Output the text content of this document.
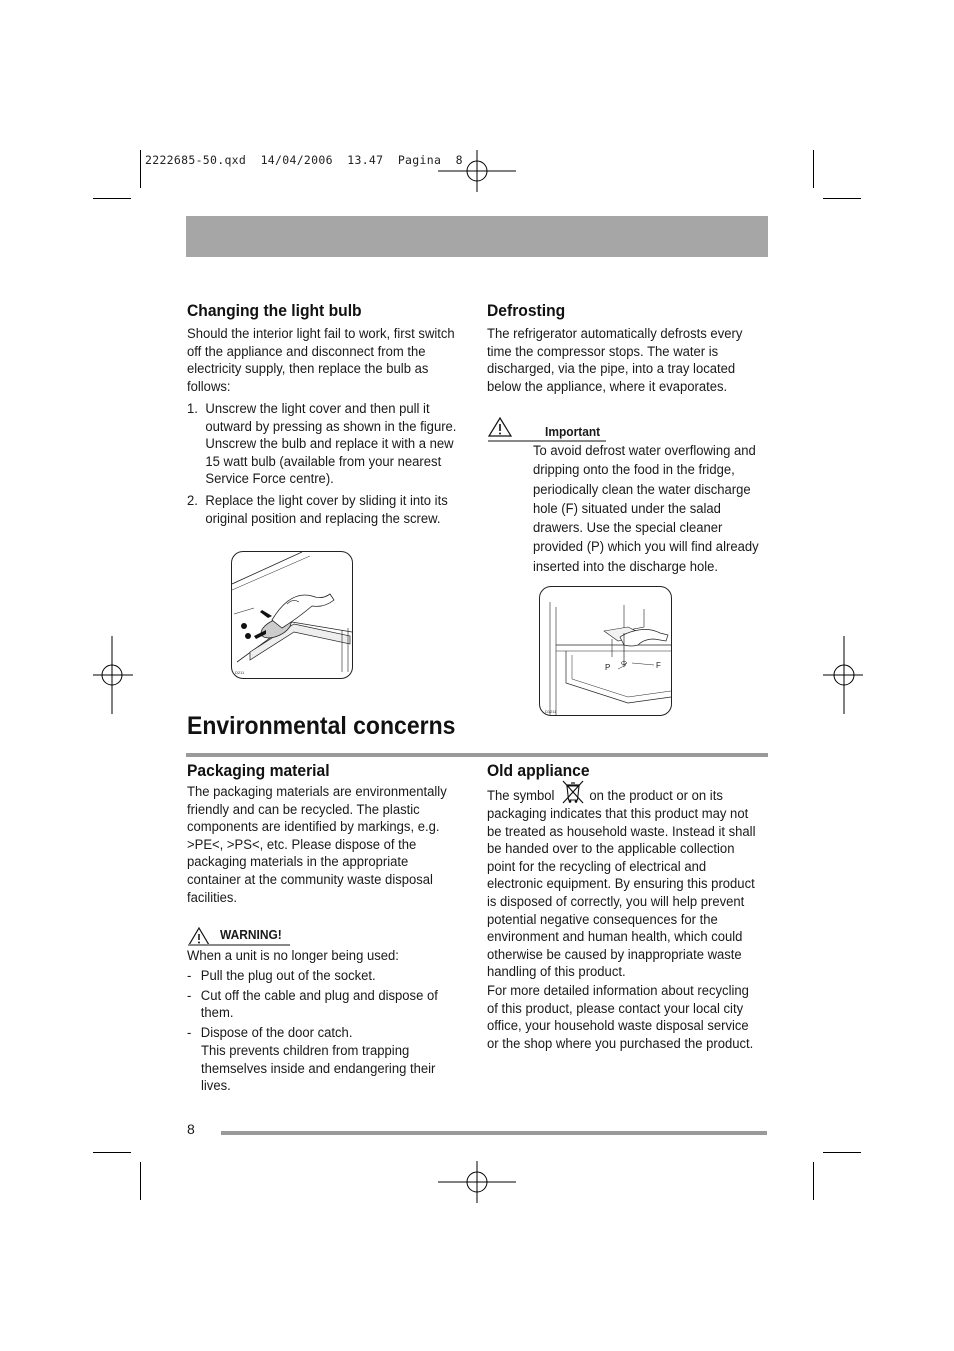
2222685-50.qxd  14/04/2006  13.47  Pagina  8
Changing the light bulb
Should the interior light fail to work, first switch off the appliance and disconnect from the electricity supply, then replace the bulb as follows:
1. Unscrew the light cover and then pull it outward by pressing as shown in the figure. Unscrew the bulb and replace it with a new 15 watt bulb (available from your nearest Service Force centre).
2. Replace the light cover by sliding it into its original position and replacing the screw.
D211
Defrosting
The refrigerator automatically defrosts every time the compressor stops. The water is discharged, via the pipe, into a tray located below the appliance, where it evaporates.
Important
To avoid defrost water overflowing and dripping onto the food in the fridge, periodically clean the water discharge hole (F) situated under the salad drawers. Use the special cleaner provided (P) which you will find already inserted into the discharge hole.
P	F
D1211
Environmental concerns
Packaging material
The packaging materials are environmentally friendly and can be recycled. The plastic components are identified by markings, e.g. >PE<, >PS<, etc. Please dispose of the packaging materials in the appropriate container at the community waste disposal facilities.
WARNING!
When a unit is no longer being used:
- Pull the plug out of the socket.
- Cut off the cable and plug and dispose of them.
- Dispose of the door catch.
This prevents children from trapping themselves inside and endangering their lives.
Old appliance
The symbol on the product or on its
packaging indicates that this product may not be treated as household waste. Instead it shall be handed over to the applicable collection point for the recycling of electrical and electronic equipment. By ensuring this product is disposed of correctly, you will help prevent potential negative consequences for the environment and human health, which could otherwise be caused by inappropriate waste handling of this product.
For more detailed information about recycling of this product, please contact your local city office, your household waste disposal service or the shop where you purchased the product.
8
